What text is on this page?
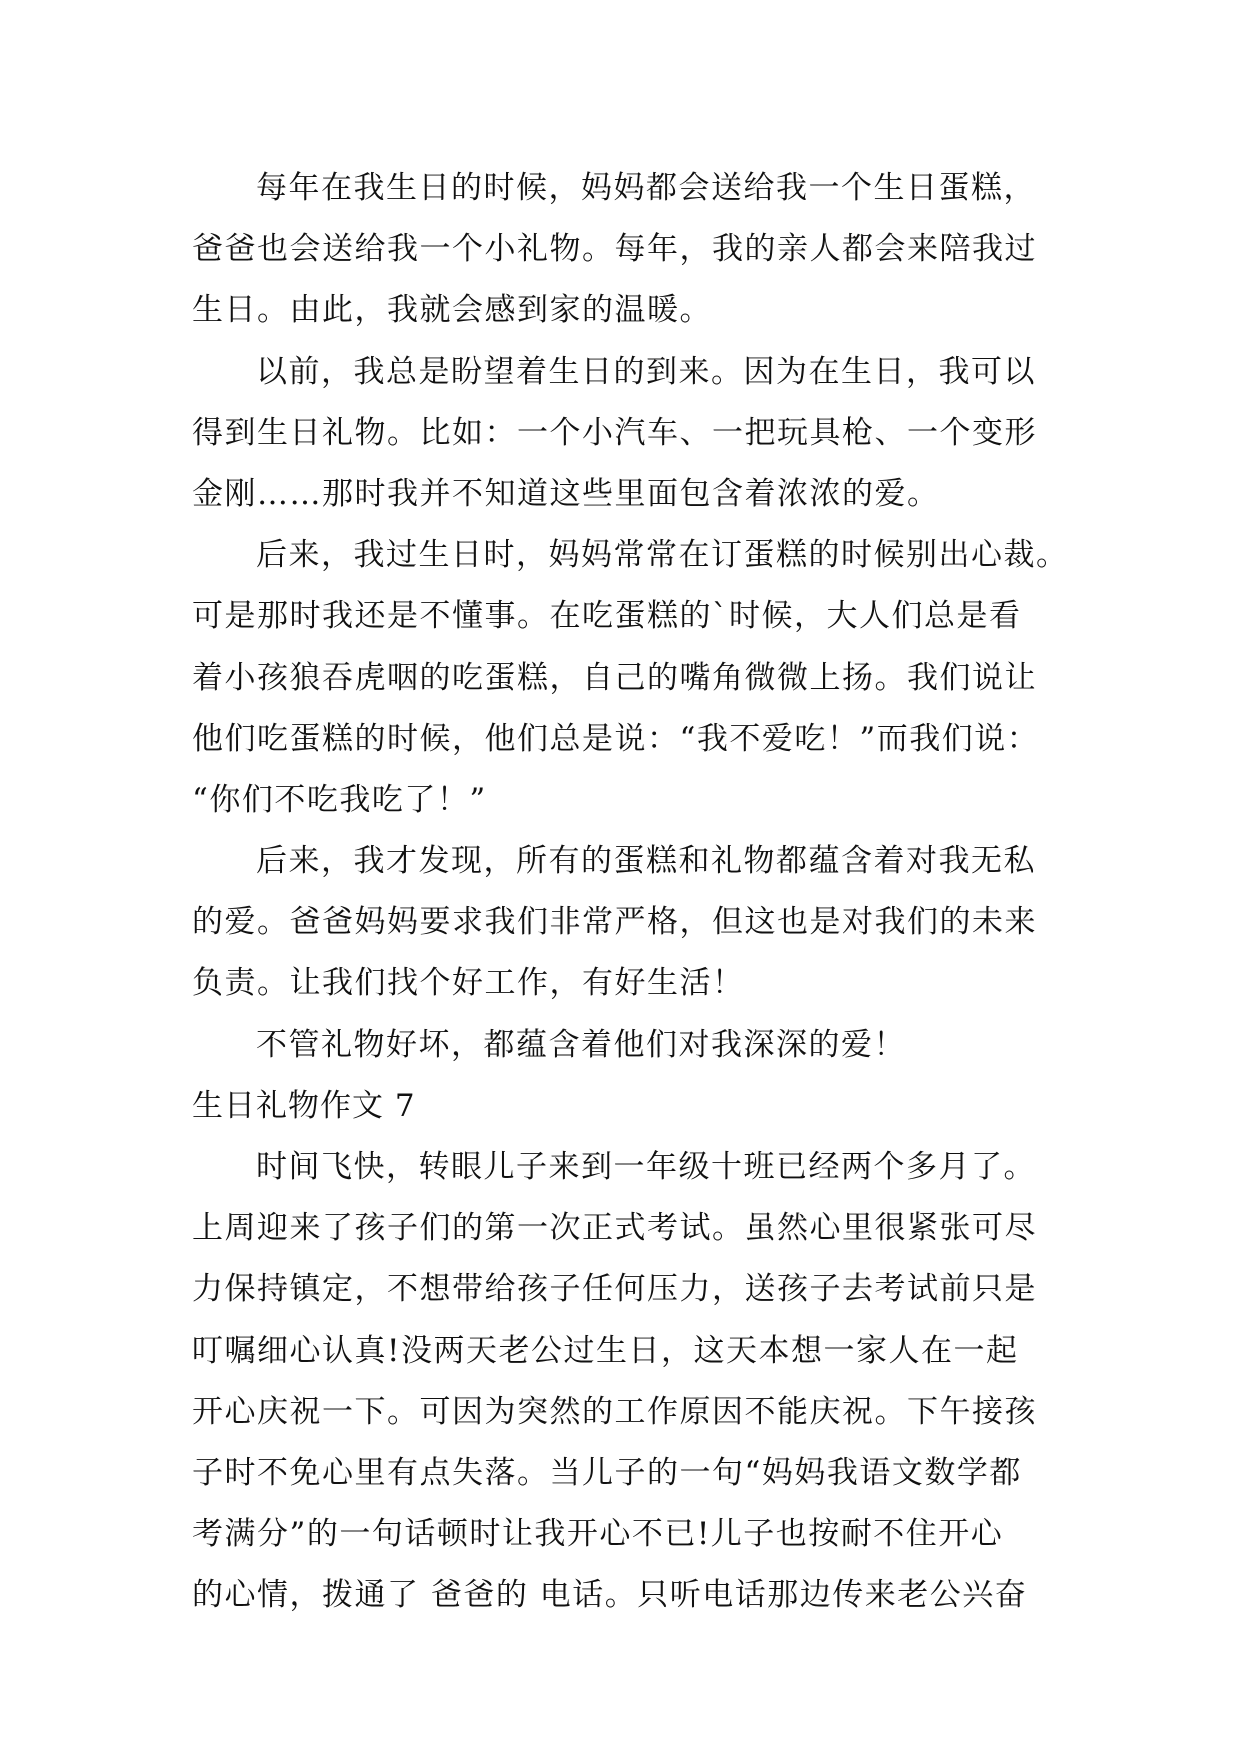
每年在我生日的时候，妈妈都会送给我一个生日蛋糕，
爸爸也会送给我一个小礼物。每年，我的亲人都会来陪我过
生日。由此，我就会感到家的温暖。
以前，我总是盼望着生日的到来。因为在生日，我可以
得到生日礼物。比如：一个小汽车、一把玩具枪、一个变形
金刚……那时我并不知道这些里面包含着浓浓的爱。
后来，我过生日时，妈妈常常在订蛋糕的时候别出心裁。
可是那时我还是不懂事。在吃蛋糕的`时候，大人们总是看
着小孩狼吞虎咽的吃蛋糕，自己的嘴角微微上扬。我们说让
他们吃蛋糕的时候，他们总是说：“我不爱吃！”而我们说：
“你们不吃我吃了！”
后来，我才发现，所有的蛋糕和礼物都蕴含着对我无私
的爱。爸爸妈妈要求我们非常严格，但这也是对我们的未来
负责。让我们找个好工作，有好生活！
不管礼物好坏，都蕴含着他们对我深深的爱！
生日礼物作文 7
时间飞快，转眼儿子来到一年级十班已经两个多月了。
上周迎来了孩子们的第一次正式考试。虽然心里很紧张可尽
力保持镇定，不想带给孩子任何压力，送孩子去考试前只是
叮嘱细心认真!没两天老公过生日，这天本想一家人在一起
开心庆祝一下。可因为突然的工作原因不能庆祝。下午接孩
子时不免心里有点失落。当儿子的一句“妈妈我语文数学都
考满分”的一句话顿时让我开心不已!儿子也按耐不住开心
的心情，拨通了 爸爸的 电话。只听电话那边传来老公兴奋
